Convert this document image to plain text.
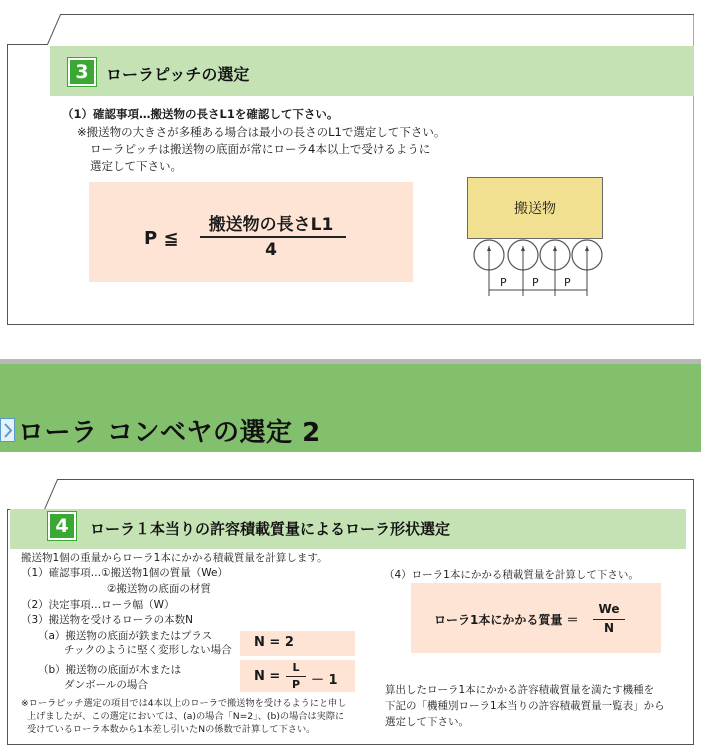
3	ローラピッチの選定
（1）確認事項…搬送物の長さL1を確認して下さい。
※搬送物の大きさが多種ある場合は最小の長さのL1で選定して下さい。
ローラピッチは搬送物の底面が常にローラ4本以上で受けるように
選定して下さい。
P ≦
搬送物の長さL1
4
搬送物
P P P
ローラ コンベヤの選定 2
4	ローラ１本当りの許容積載質量によるローラ形状選定
搬送物1個の重量からローラ1本にかかる積載質量を計算します。
（1）確認事項…①搬送物1個の質量（We）
②搬送物の底面の材質
（2）決定事項…ローラ幅（W）
（3）搬送物を受けるローラの本数N
（a）搬送物の底面が鉄またはプラス
チックのように堅く変形しない場合 N = 2
（b）搬送物の底面が木または
ダンボールの場合
N =
L
P － 1
※ローラピッチ選定の項目では4本以上のローラで搬送物を受けるようにと申し
上げましたが、この選定においては、(a)の場合「N=2」、(b)の場合は実際に
受けているローラ本数から1本差し引いたNの係数で計算して下さい。
（4）ローラ1本にかかる積載質量を計算して下さい。
ローラ1本にかかる質量 ＝
We
N
算出したローラ1本にかかる許容積載質量を満たす機種を
下記の「機種別ローラ1本当りの許容積載質量一覧表」から
選定して下さい。
